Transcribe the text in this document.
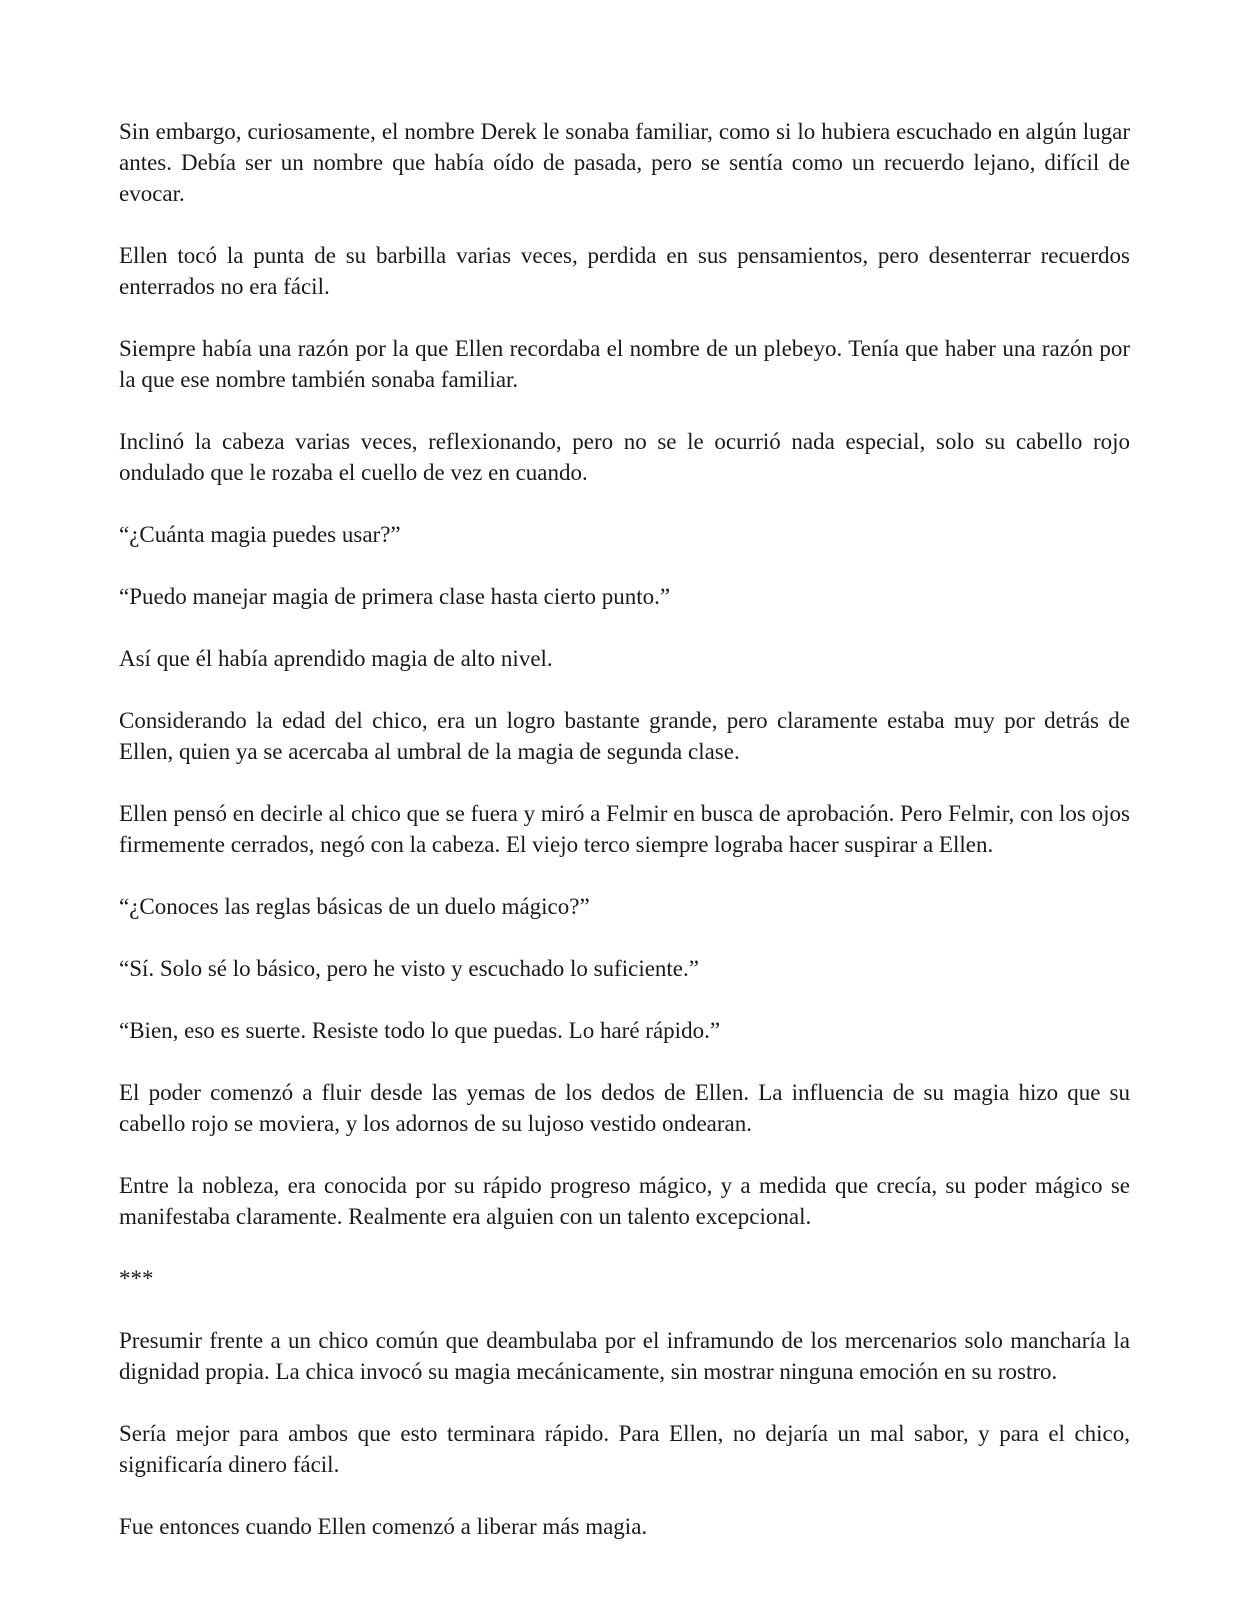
Sin embargo, curiosamente, el nombre Derek le sonaba familiar, como si lo hubiera escuchado en algún lugar antes. Debía ser un nombre que había oído de pasada, pero se sentía como un recuerdo lejano, difícil de evocar.

Ellen tocó la punta de su barbilla varias veces, perdida en sus pensamientos, pero desenterrar recuerdos enterrados no era fácil.

Siempre había una razón por la que Ellen recordaba el nombre de un plebeyo. Tenía que haber una razón por la que ese nombre también sonaba familiar.

Inclinó la cabeza varias veces, reflexionando, pero no se le ocurrió nada especial, solo su cabello rojo ondulado que le rozaba el cuello de vez en cuando.

“¿Cuánta magia puedes usar?”

“Puedo manejar magia de primera clase hasta cierto punto.”

Así que él había aprendido magia de alto nivel.

Considerando la edad del chico, era un logro bastante grande, pero claramente estaba muy por detrás de Ellen, quien ya se acercaba al umbral de la magia de segunda clase.

Ellen pensó en decirle al chico que se fuera y miró a Felmir en busca de aprobación. Pero Felmir, con los ojos firmemente cerrados, negó con la cabeza. El viejo terco siempre lograba hacer suspirar a Ellen.

“¿Conoces las reglas básicas de un duelo mágico?”

“Sí. Solo sé lo básico, pero he visto y escuchado lo suficiente.”

“Bien, eso es suerte. Resiste todo lo que puedas. Lo haré rápido.”

El poder comenzó a fluir desde las yemas de los dedos de Ellen. La influencia de su magia hizo que su cabello rojo se moviera, y los adornos de su lujoso vestido ondearan.

Entre la nobleza, era conocida por su rápido progreso mágico, y a medida que crecía, su poder mágico se manifestaba claramente. Realmente era alguien con un talento excepcional.

***

Presumir frente a un chico común que deambulaba por el inframundo de los mercenarios solo mancharía la dignidad propia. La chica invocó su magia mecánicamente, sin mostrar ninguna emoción en su rostro.

Sería mejor para ambos que esto terminara rápido. Para Ellen, no dejaría un mal sabor, y para el chico, significaría dinero fácil.

Fue entonces cuando Ellen comenzó a liberar más magia.
